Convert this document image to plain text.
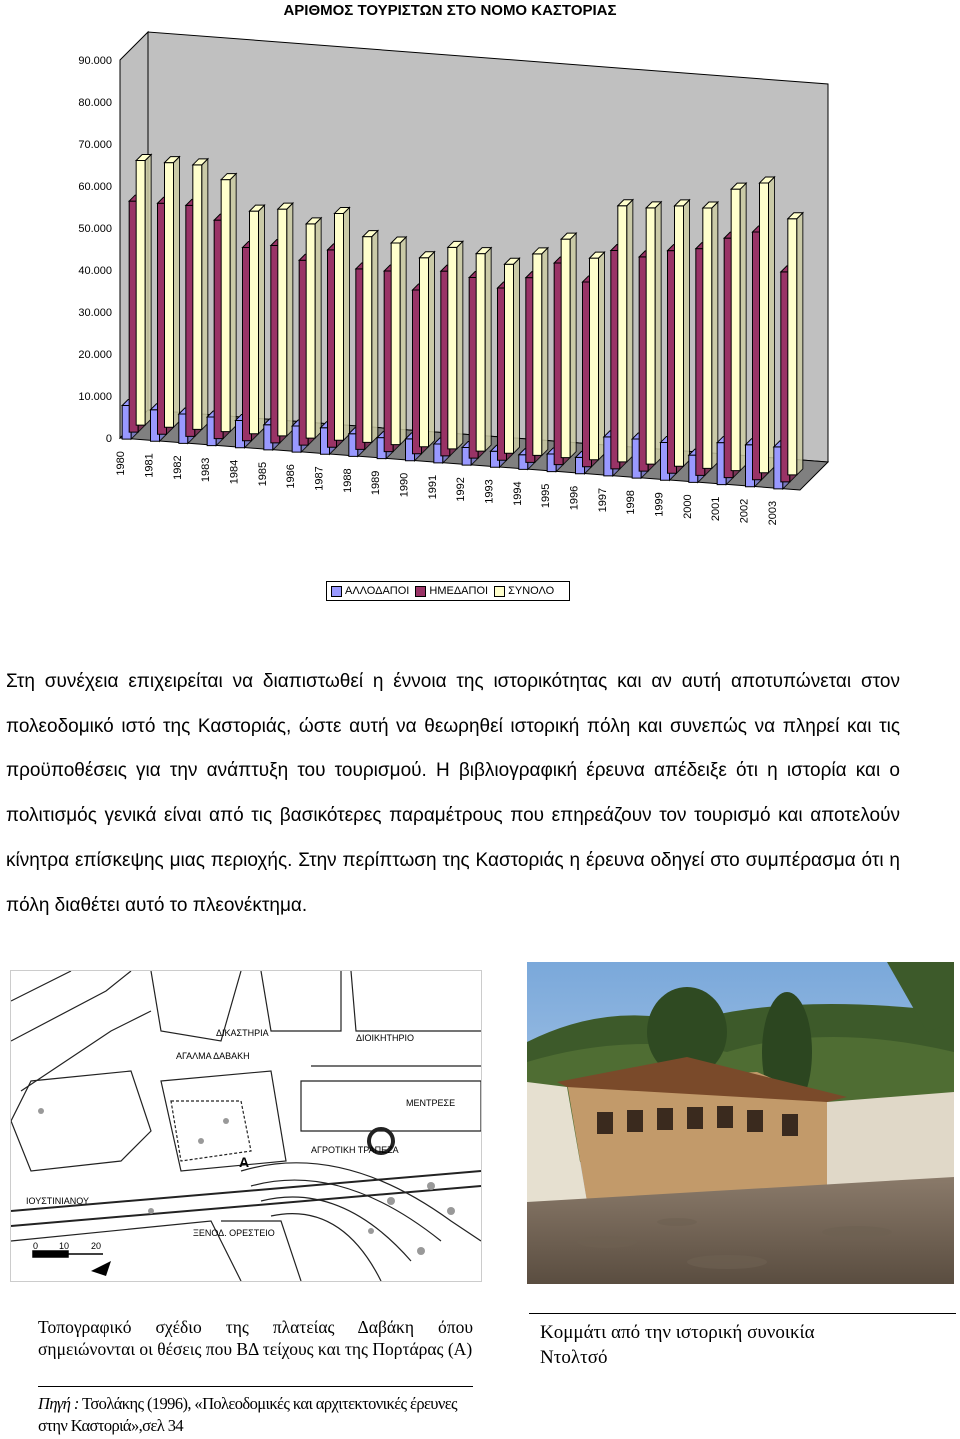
ΑΡΙΘΜΟΣ ΤΟΥΡΙΣΤΩΝ ΣΤΟ ΝΟΜΟ ΚΑΣΤΟΡΙΑΣ
0
10.000
20.000
30.000
40.000
50.000
60.000
70.000
80.000
90.000
1980 1981 1982 1983 1984 1985 1986 1987 1988 1989 1990 1991 1992 1993 1994 1995 1996 1997 1998 1999 2000 2001 2002 2003
ΑΛΛΟΔΑΠΟΙ ΗΜΕΔΑΠΟΙ ΣΥΝΟΛΟ
Στη συνέχεια επιχειρείται να διαπιστωθεί η έννοια της ιστορικότητας και αν αυτή αποτυπώνεται στον πολεοδομικό ιστό της Καστοριάς, ώστε αυτή να θεωρηθεί ιστορική πόλη και συνεπώς να πληρεί και τις προϋποθέσεις για την ανάπτυξη του τουρισμού. Η βιβλιογραφική έρευνα απέδειξε ότι η ιστορία και ο πολιτισμός γενικά είναι από τις βασικότερες παραμέτρους που επηρεάζουν τον τουρισμό και αποτελούν κίνητρα επίσκεψης μιας περιοχής. Στην περίπτωση της Καστοριάς η έρευνα οδηγεί στο συμπέρασμα ότι η πόλη διαθέτει αυτό το πλεονέκτημα.
ΔΙΚΑΣΤΗΡΙΑ	ΔΙΟΙΚΗΤΗΡΙΟ
ΑΓΑΛΜΑ ΔΑΒΑΚΗ
ΜΕΝΤΡΕΣΕ
ΑΓΡΟΤΙΚΗ ΤΡΑΠΕΖΑ
ΙΟΥΣΤΙΝΙΑΝΟΥ
ΞΕΝΟΔ. ΟΡΕΣΤΕΙΟ
Α
0 10 20
Τοπογραφικό σχέδιο της πλατείας Δαβάκη όπου σημειώνονται οι θέσεις που ΒΔ τείχους και της Πορτάρας (Α)
Πηγή : Τσολάκης (1996), «Πολεοδομικές και αρχιτεκτονικές έρευνες στην Καστοριά»,σελ 34
Κομμάτι από την ιστορική συνοικία Ντολτσό
